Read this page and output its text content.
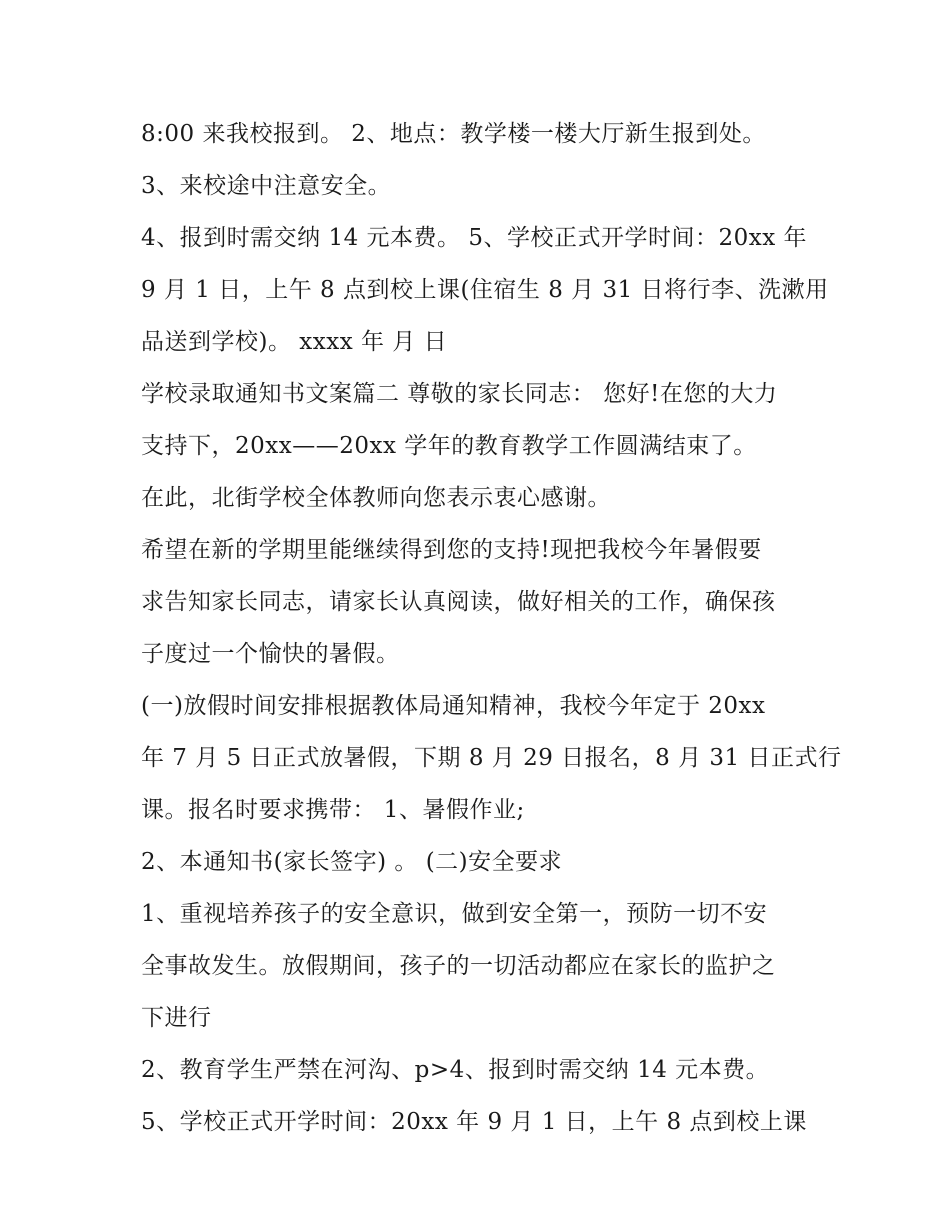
8:00 来我校报到。 2、地点：教学楼一楼大厅新生报到处。
3、来校途中注意安全。
4、报到时需交纳 14 元本费。 5、学校正式开学时间：20xx 年
9 月 1 日，上午 8 点到校上课(住宿生 8 月 31 日将行李、洗漱用
品送到学校)。 xxxx 年 月 日
学校录取通知书文案篇二 尊敬的家长同志： 您好!在您的大力
支持下，20xx——20xx 学年的教育教学工作圆满结束了。
在此，北街学校全体教师向您表示衷心感谢。
希望在新的学期里能继续得到您的支持!现把我校今年暑假要
求告知家长同志，请家长认真阅读，做好相关的工作，确保孩
子度过一个愉快的暑假。
(一)放假时间安排根据教体局通知精神，我校今年定于 20xx
年 7 月 5 日正式放暑假，下期 8 月 29 日报名，8 月 31 日正式行
课。报名时要求携带： 1、暑假作业;
2、本通知书(家长签字) 。 (二)安全要求
1、重视培养孩子的安全意识，做到安全第一，预防一切不安
全事故发生。放假期间，孩子的一切活动都应在家长的监护之
下进行
2、教育学生严禁在河沟、p>4、报到时需交纳 14 元本费。
5、学校正式开学时间：20xx 年 9 月 1 日，上午 8 点到校上课
